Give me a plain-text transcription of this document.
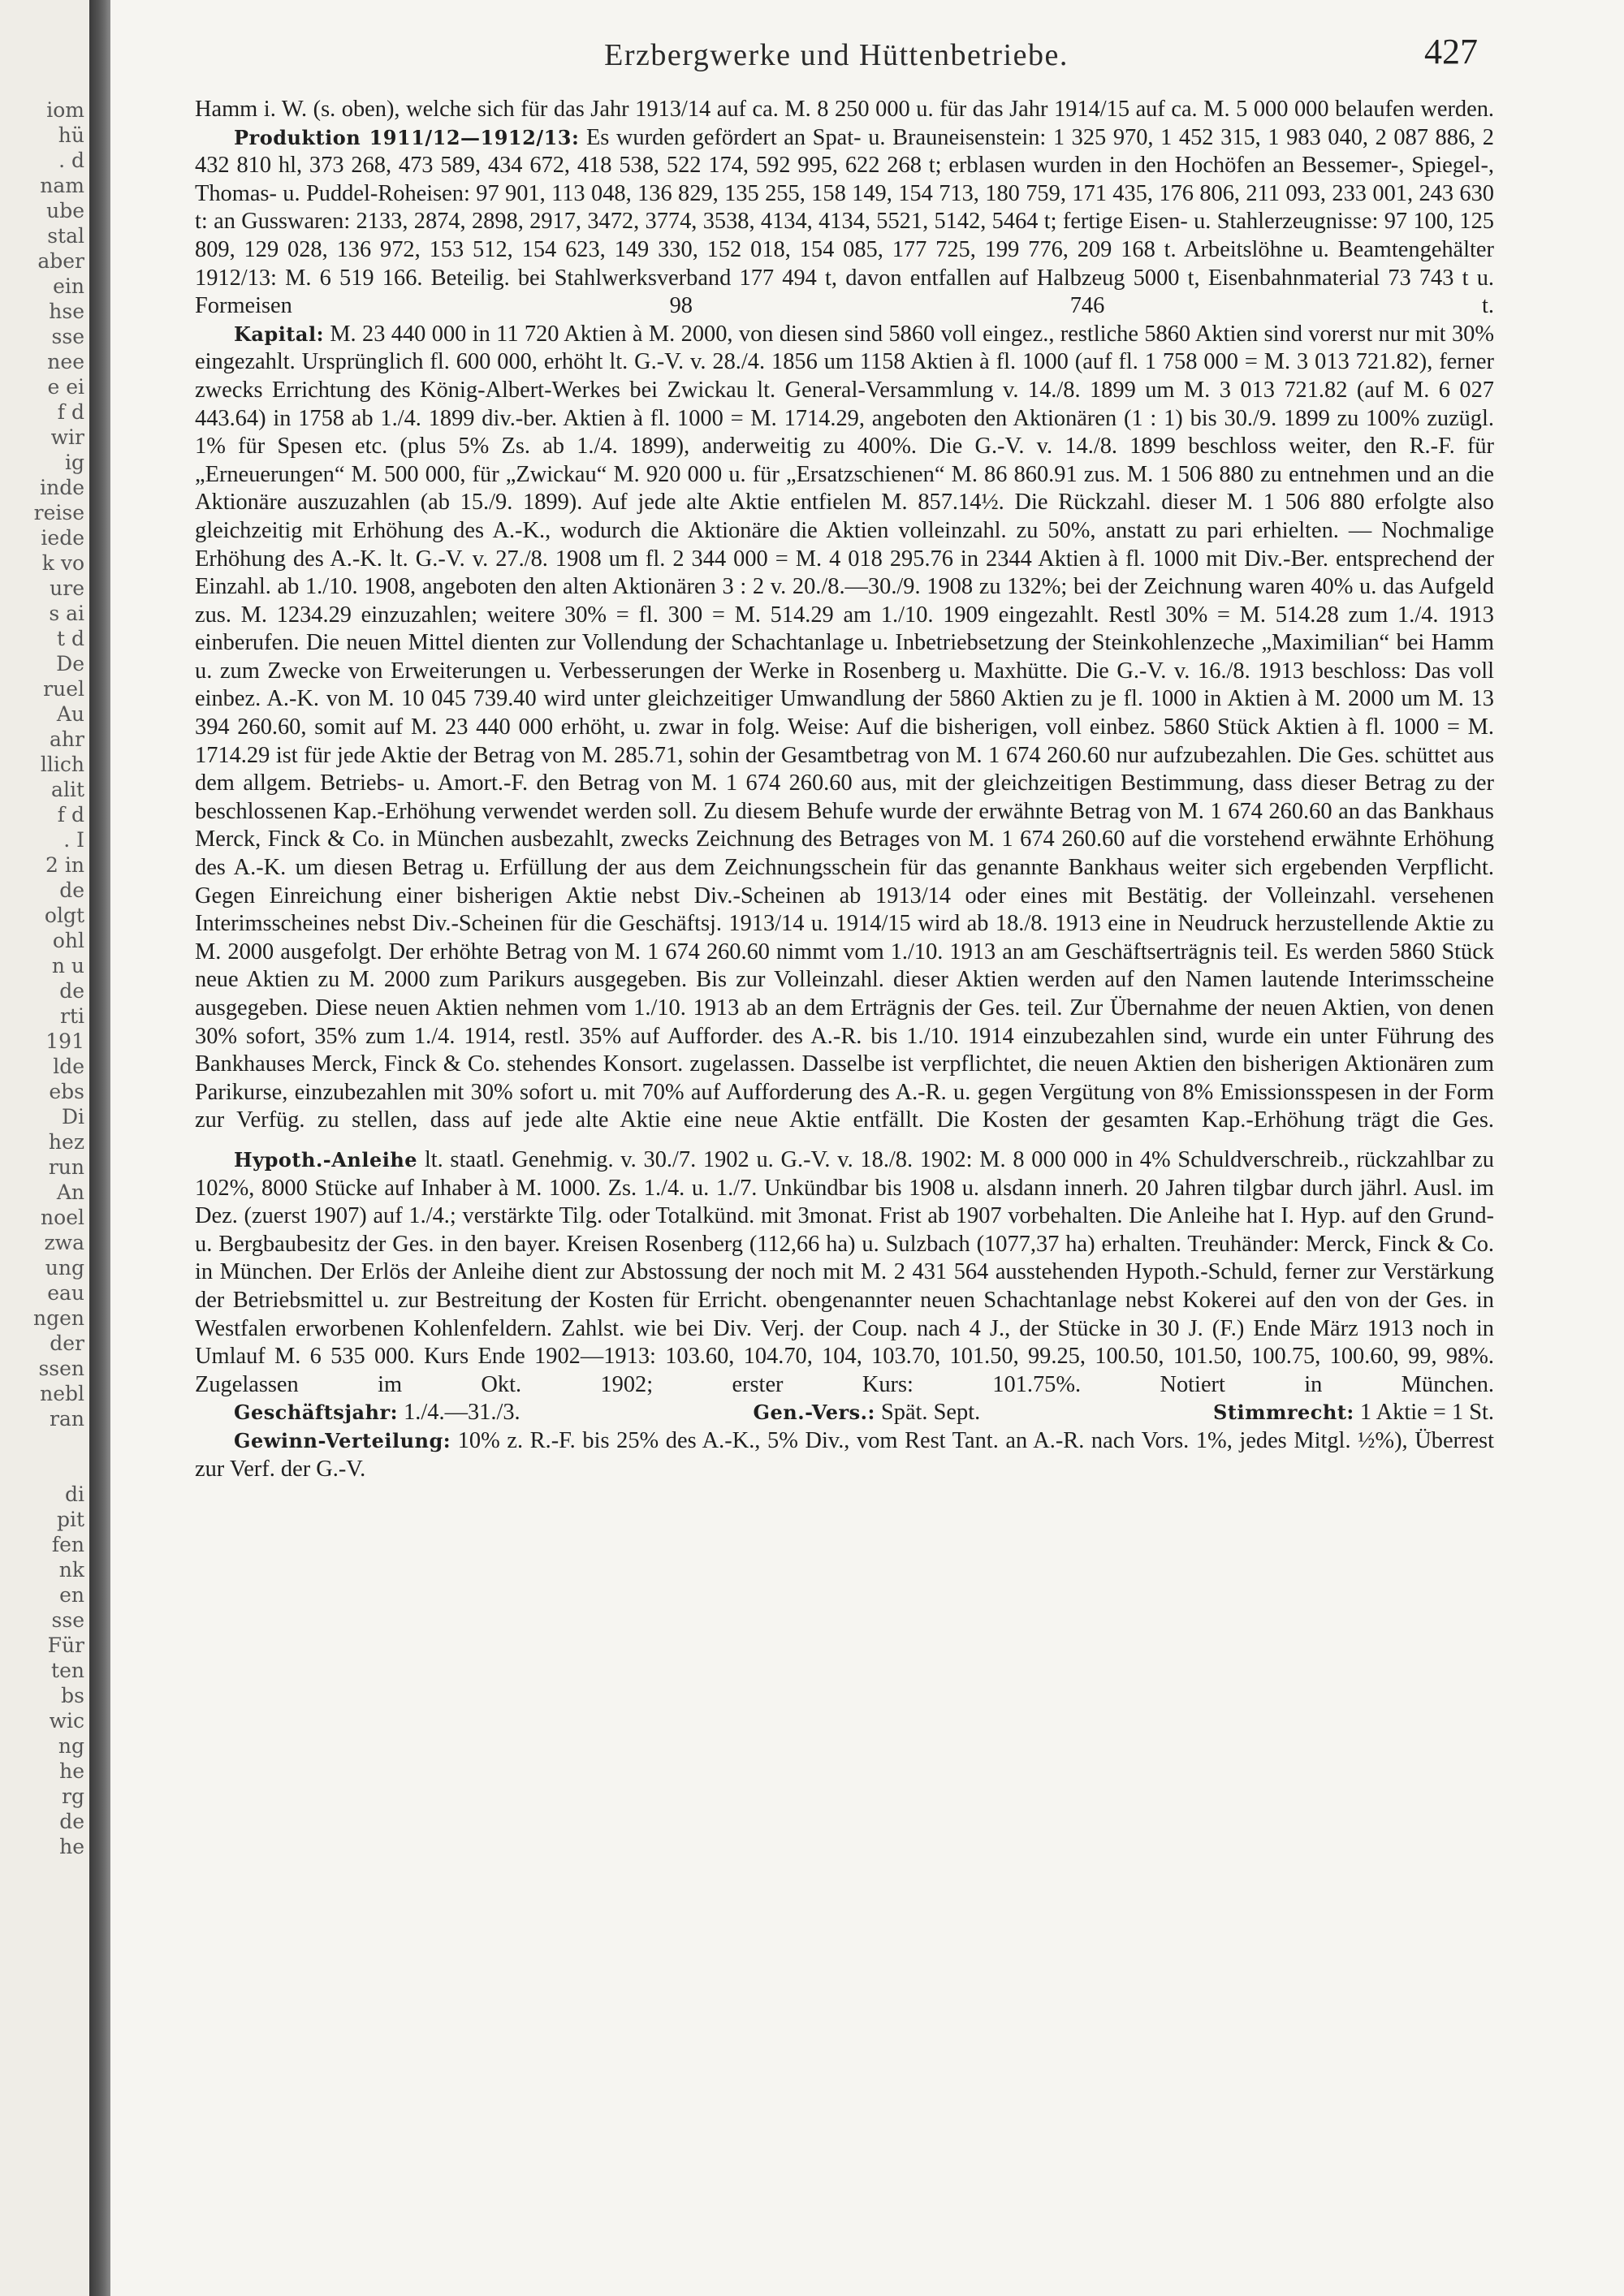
iom
hü
. d
nam
ube
stal
aber
ein
hse
sse
nee
e ei
f d
wir
ig
inde
reise
iede
k vo
ure
s ai
t d
De
ruel
Au
ahr
llich
alit
f d
. I
2 in
de
olgt
ohl
n u
de
rti
191
lde
ebs
Di
hez
run
An
noel
zwa
ung
eau
ngen
der
ssen
nebl
ran

di
pit
fen
nk
en
sse
Für
ten
bs
wic
ng
he
rg
de
he
Erzbergwerke und Hüttenbetriebe.	427

Hamm i. W. (s. oben), welche sich für das Jahr 1913/14 auf ca. M. 8 250 000 u. für das Jahr 1914/15 auf ca. M. 5 000 000 belaufen werden.

Produktion 1911/12—1912/13: Es wurden gefördert an Spat- u. Brauneisenstein: 1 325 970, 1 452 315, 1 983 040, 2 087 886, 2 432 810 hl, 373 268, 473 589, 434 672, 418 538, 522 174, 592 995, 622 268 t; erblasen wurden in den Hochöfen an Bessemer-, Spiegel-, Thomas- u. Puddel-Roheisen: 97 901, 113 048, 136 829, 135 255, 158 149, 154 713, 180 759, 171 435, 176 806, 211 093, 233 001, 243 630 t: an Gusswaren: 2133, 2874, 2898, 2917, 3472, 3774, 3538, 4134, 4134, 5521, 5142, 5464 t; fertige Eisen- u. Stahlerzeugnisse: 97 100, 125 809, 129 028, 136 972, 153 512, 154 623, 149 330, 152 018, 154 085, 177 725, 199 776, 209 168 t. Arbeitslöhne u. Beamtengehälter 1912/13: M. 6 519 166. Beteilig. bei Stahlwerksverband 177 494 t, davon entfallen auf Halbzeug 5000 t, Eisenbahnmaterial 73 743 t u. Formeisen 98 746 t.

Kapital: M. 23 440 000 in 11 720 Aktien à M. 2000, von diesen sind 5860 voll eingez., restliche 5860 Aktien sind vorerst nur mit 30% eingezahlt. Ursprünglich fl. 600 000, erhöht lt. G.-V. v. 28./4. 1856 um 1158 Aktien à fl. 1000 (auf fl. 1 758 000 = M. 3 013 721.82), ferner zwecks Errichtung des König-Albert-Werkes bei Zwickau lt. General-Versammlung v. 14./8. 1899 um M. 3 013 721.82 (auf M. 6 027 443.64) in 1758 ab 1./4. 1899 div.-ber. Aktien à fl. 1000 = M. 1714.29, angeboten den Aktionären (1 : 1) bis 30./9. 1899 zu 100% zuzügl. 1% für Spesen etc. (plus 5% Zs. ab 1./4. 1899), anderweitig zu 400%. Die G.-V. v. 14./8. 1899 beschloss weiter, den R.-F. für „Erneuerungen“ M. 500 000, für „Zwickau“ M. 920 000 u. für „Ersatzschienen“ M. 86 860.91 zus. M. 1 506 880 zu entnehmen und an die Aktionäre auszuzahlen (ab 15./9. 1899). Auf jede alte Aktie entfielen M. 857.14½. Die Rückzahl. dieser M. 1 506 880 erfolgte also gleichzeitig mit Erhöhung des A.-K., wodurch die Aktionäre die Aktien volleinzahl. zu 50%, anstatt zu pari erhielten. — Nochmalige Erhöhung des A.-K. lt. G.-V. v. 27./8. 1908 um fl. 2 344 000 = M. 4 018 295.76 in 2344 Aktien à fl. 1000 mit Div.-Ber. entsprechend der Einzahl. ab 1./10. 1908, angeboten den alten Aktionären 3 : 2 v. 20./8.—30./9. 1908 zu 132%; bei der Zeichnung waren 40% u. das Aufgeld zus. M. 1234.29 einzuzahlen; weitere 30% = fl. 300 = M. 514.29 am 1./10. 1909 eingezahlt. Restl 30% = M. 514.28 zum 1./4. 1913 einberufen. Die neuen Mittel dienten zur Vollendung der Schachtanlage u. Inbetriebsetzung der Steinkohlenzeche „Maximilian“ bei Hamm u. zum Zwecke von Erweiterungen u. Verbesserungen der Werke in Rosenberg u. Maxhütte. Die G.-V. v. 16./8. 1913 beschloss: Das voll einbez. A.-K. von M. 10 045 739.40 wird unter gleichzeitiger Umwandlung der 5860 Aktien zu je fl. 1000 in Aktien à M. 2000 um M. 13 394 260.60, somit auf M. 23 440 000 erhöht, u. zwar in folg. Weise: Auf die bisherigen, voll einbez. 5860 Stück Aktien à fl. 1000 = M. 1714.29 ist für jede Aktie der Betrag von M. 285.71, sohin der Gesamtbetrag von M. 1 674 260.60 nur aufzubezahlen. Die Ges. schüttet aus dem allgem. Betriebs- u. Amort.-F. den Betrag von M. 1 674 260.60 aus, mit der gleichzeitigen Bestimmung, dass dieser Betrag zu der beschlossenen Kap.-Erhöhung verwendet werden soll. Zu diesem Behufe wurde der erwähnte Betrag von M. 1 674 260.60 an das Bankhaus Merck, Finck & Co. in München ausbezahlt, zwecks Zeichnung des Betrages von M. 1 674 260.60 auf die vorstehend erwähnte Erhöhung des A.-K. um diesen Betrag u. Erfüllung der aus dem Zeichnungsschein für das genannte Bankhaus weiter sich ergebenden Verpflicht. Gegen Einreichung einer bisherigen Aktie nebst Div.-Scheinen ab 1913/14 oder eines mit Bestätig. der Volleinzahl. versehenen Interimsscheines nebst Div.-Scheinen für die Geschäftsj. 1913/14 u. 1914/15 wird ab 18./8. 1913 eine in Neudruck herzustellende Aktie zu M. 2000 ausgefolgt. Der erhöhte Betrag von M. 1 674 260.60 nimmt vom 1./10. 1913 an am Geschäftserträgnis teil. Es werden 5860 Stück neue Aktien zu M. 2000 zum Parikurs ausgegeben. Bis zur Volleinzahl. dieser Aktien werden auf den Namen lautende Interimsscheine ausgegeben. Diese neuen Aktien nehmen vom 1./10. 1913 ab an dem Erträgnis der Ges. teil. Zur Übernahme der neuen Aktien, von denen 30% sofort, 35% zum 1./4. 1914, restl. 35% auf Aufforder. des A.-R. bis 1./10. 1914 einzubezahlen sind, wurde ein unter Führung des Bankhauses Merck, Finck & Co. stehendes Konsort. zugelassen. Dasselbe ist verpflichtet, die neuen Aktien den bisherigen Aktionären zum Parikurse, einzubezahlen mit 30% sofort u. mit 70% auf Aufforderung des A.-R. u. gegen Vergütung von 8% Emissionsspesen in der Form zur Verfüg. zu stellen, dass auf jede alte Aktie eine neue Aktie entfällt. Die Kosten der gesamten Kap.-Erhöhung trägt die Ges.

Hypoth.-Anleihe lt. staatl. Genehmig. v. 30./7. 1902 u. G.-V. v. 18./8. 1902: M. 8 000 000 in 4% Schuldverschreib., rückzahlbar zu 102%, 8000 Stücke auf Inhaber à M. 1000. Zs. 1./4. u. 1./7. Unkündbar bis 1908 u. alsdann innerh. 20 Jahren tilgbar durch jährl. Ausl. im Dez. (zuerst 1907) auf 1./4.; verstärkte Tilg. oder Totalkünd. mit 3monat. Frist ab 1907 vorbehalten. Die Anleihe hat I. Hyp. auf den Grund- u. Bergbaubesitz der Ges. in den bayer. Kreisen Rosenberg (112,66 ha) u. Sulzbach (1077,37 ha) erhalten. Treuhänder: Merck, Finck & Co. in München. Der Erlös der Anleihe dient zur Abstossung der noch mit M. 2 431 564 ausstehenden Hypoth.-Schuld, ferner zur Verstärkung der Betriebsmittel u. zur Bestreitung der Kosten für Erricht. obengenannter neuen Schachtanlage nebst Kokerei auf den von der Ges. in Westfalen erworbenen Kohlenfeldern. Zahlst. wie bei Div. Verj. der Coup. nach 4 J., der Stücke in 30 J. (F.) Ende März 1913 noch in Umlauf M. 6 535 000. Kurs Ende 1902—1913: 103.60, 104.70, 104, 103.70, 101.50, 99.25, 100.50, 101.50, 100.75, 100.60, 99, 98%. Zugelassen im Okt. 1902; erster Kurs: 101.75%. Notiert in München.

Geschäftsjahr: 1./4.—31./3.	Gen.-Vers.: Spät. Sept.	Stimmrecht: 1 Aktie = 1 St.

Gewinn-Verteilung: 10% z. R.-F. bis 25% des A.-K., 5% Div., vom Rest Tant. an A.-R. nach Vors. 1%, jedes Mitgl. ½%), Überrest zur Verf. der G.-V.
